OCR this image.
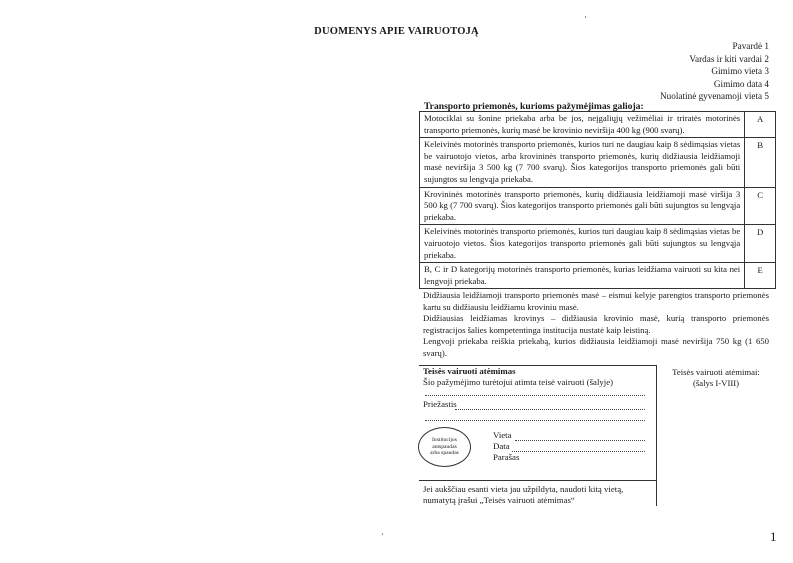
DUOMENYS APIE VAIRUOTOJĄ
Pavardė 1
Vardas ir kiti vardai 2
Gimimo vieta 3
Gimimo data 4
Nuolatinė gyvenamoji vieta 5
Transporto priemonės, kurioms pažymėjimas galioja:
Motociklai su šonine priekaba arba be jos, neįgaliųjų vežimėliai ir triratės motorinės transporto priemonės, kurių masė be krovinio neviršija 400 kg (900 svarų).	A
Keleivinės motorinės transporto priemonės, kurios turi ne daugiau kaip 8 sėdimąsias vietas be vairuotojo vietos, arba krovininės transporto priemonės, kurių didžiausia leidžiamoji masė neviršija 3 500 kg (7 700 svarų). Šios kategorijos transporto priemonės gali būti sujungtos su lengvąja priekaba.	B
Krovininės motorinės transporto priemonės, kurių didžiausia leidžiamoji masė viršija 3 500 kg (7 700 svarų). Šios kategorijos transporto priemonės gali būti sujungtos su lengvąja priekaba.	C
Keleivinės motorinės transporto priemonės, kurios turi daugiau kaip 8 sėdimąsias vietas be vairuotojo vietos. Šios kategorijos transporto priemonės gali būti sujungtos su lengvąja priekaba.	D
B, C ir D kategorijų motorinės transporto priemonės, kurias leidžiama vairuoti su kita nei lengvoji priekaba.	E

Didžiausia leidžiamoji transporto priemonės masė – eismui kelyje parengtos transporto priemonės kartu su didžiausiu leidžiamu kroviniu masė.

Didžiausias leidžiamas krovinys – didžiausia krovinio masė, kurią transporto priemonės registracijos šalies kompetentinga institucija nustatė kaip leistiną.

Lengvoji priekaba reiškia priekabą, kurios didžiausia leidžiamoji masė neviršija 750 kg (1 650 svarų).

Teisės vairuoti atėmimas
Šio pažymėjimo turėtojui atimta teisė vairuoti (šalyje)
Priežastis
Institucijos
antspaudas
arba spaudas
Vieta
Data
Parašas
Jei aukščiau esanti vieta jau užpildyta, naudoti kitą vietą, numatytą įrašui „Teisės vairuoti atėmimas“
Teisės vairuoti atėmimai:
(šalys I-VIII)
1
